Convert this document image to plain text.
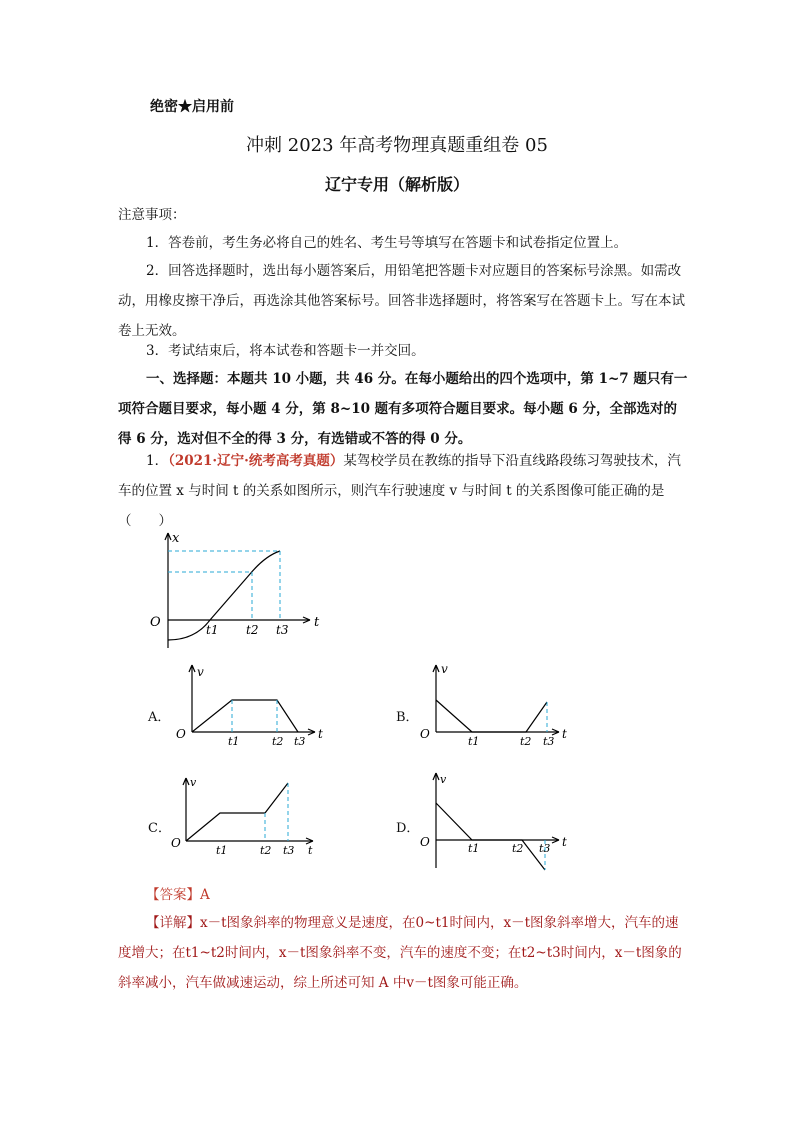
绝密★启用前
冲刺 2023 年高考物理真题重组卷 05
辽宁专用（解析版）
注意事项：
1．答卷前，考生务必将自己的姓名、考生号等填写在答题卡和试卷指定位置上。
2．回答选择题时，选出每小题答案后，用铅笔把答题卡对应题目的答案标号涂黑。如需改动，用橡皮擦干净后，再选涂其他答案标号。回答非选择题时，将答案写在答题卡上。写在本试卷上无效。
3．考试结束后，将本试卷和答题卡一并交回。
一、选择题：本题共 10 小题，共 46 分。在每小题给出的四个选项中，第 1~7 题只有一项符合题目要求，每小题 4 分，第 8~10 题有多项符合题目要求。每小题 6 分，全部选对的得 6 分，选对但不全的得 3 分，有选错或不答的得 0 分。
1．（2021·辽宁·统考高考真题）某驾校学员在教练的指导下沿直线路段练习驾驶技术，汽车的位置 x 与时间 t 的关系如图所示，则汽车行驶速度 v 与时间 t 的关系图像可能正确的是（　　）
x
t
O	t1 t2 t3
A．
v
O
t1	t2 t3
t
B．
v
O
t1	t2 t3
t
C．
v
O
t1	t2 t3 t
D．
v
O	t1	t2 t3 t
【答案】A
【详解】x－t图象斜率的物理意义是速度，在0~t1时间内，x－t图象斜率增大，汽车的速度增大；在t1~t2时间内，x－t图象斜率不变，汽车的速度不变；在t2~t3时间内，x－t图象的斜率减小，汽车做减速运动，综上所述可知 A 中v－t图象可能正确。
